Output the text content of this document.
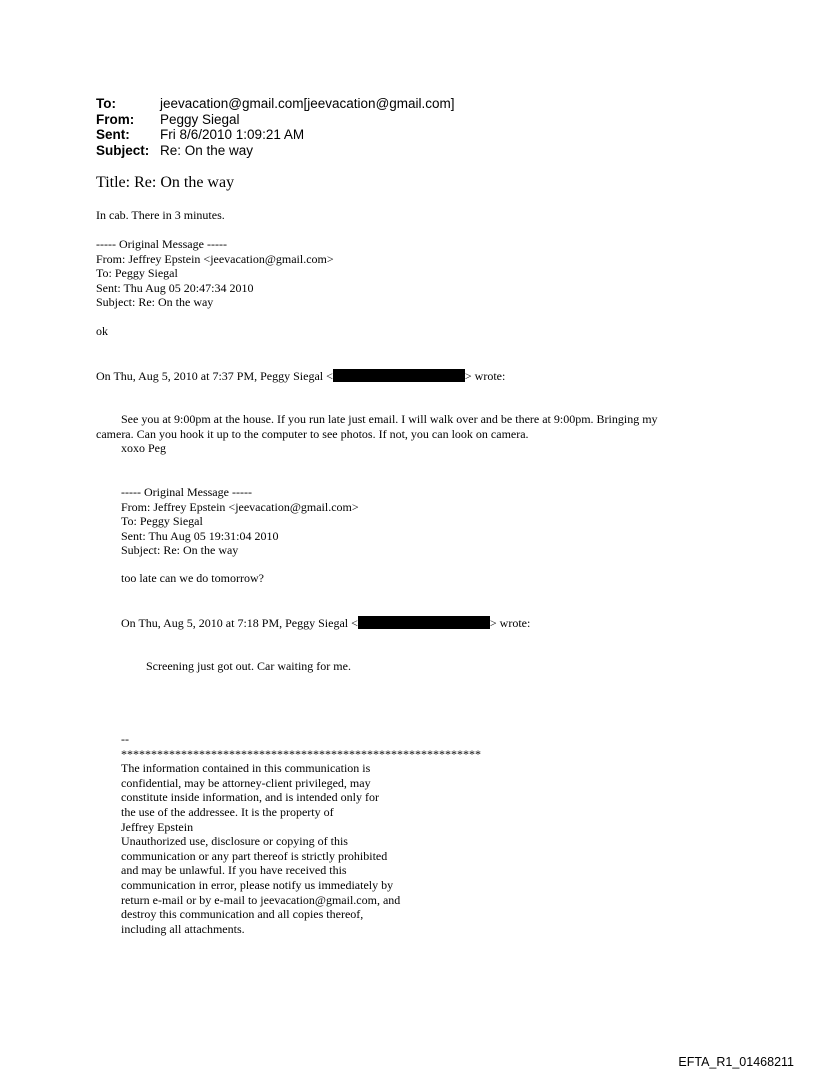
To:	jeevacation@gmail.com[jeevacation@gmail.com]
From:	Peggy Siegal
Sent:	Fri 8/6/2010 1:09:21 AM
Subject: Re: On the way
Title: Re: On the way
In cab. There in 3 minutes.
----- Original Message -----
From: Jeffrey Epstein <jeevacation@gmail.com>
To: Peggy Siegal
Sent: Thu Aug 05 20:47:34 2010
Subject: Re: On the way
ok
On Thu, Aug 5, 2010 at 7:37 PM, Peggy Siegal <	> wrote:
See you at 9:00pm at the house. If you run late just email. I will walk over and be there at 9:00pm. Bringing my
camera. Can you hook it up to the computer to see photos. If not, you can look on camera.
xoxo Peg
----- Original Message -----
From: Jeffrey Epstein <jeevacation@gmail.com>
To: Peggy Siegal
Sent: Thu Aug 05 19:31:04 2010
Subject: Re: On the way
too late can we do tomorrow?
On Thu, Aug 5, 2010 at 7:18 PM, Peggy Siegal <	> wrote:
Screening just got out. Car waiting for me.
--
************************************************************
The information contained in this communication is
confidential, may be attorney-client privileged, may
constitute inside information, and is intended only for
the use of the addressee. It is the property of
Jeffrey Epstein
Unauthorized use, disclosure or copying of this
communication or any part thereof is strictly prohibited
and may be unlawful. If you have received this
communication in error, please notify us immediately by
return e-mail or by e-mail to jeevacation@gmail.com, and
destroy this communication and all copies thereof,
including all attachments.
EFTA_R1_01468211
